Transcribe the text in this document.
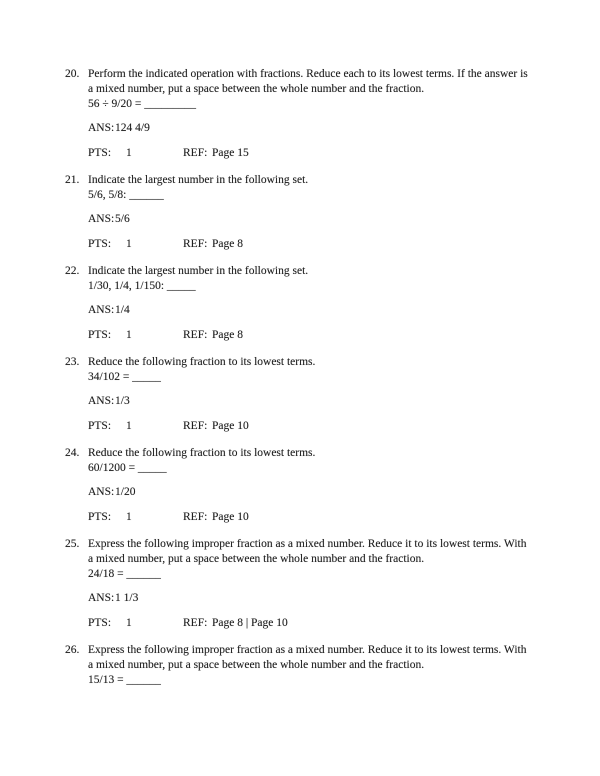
20. Perform the indicated operation with fractions. Reduce each to its lowest terms. If the answer is a mixed number, put a space between the whole number and the fraction.
56 ÷ 9/20 = _________
ANS:124 4/9
PTS: 1	REF: Page 15
21. Indicate the largest number in the following set.
5/6, 5/8: ______
ANS:5/6
PTS: 1	REF: Page 8
22. Indicate the largest number in the following set.
1/30, 1/4, 1/150: _____
ANS:1/4
PTS: 1	REF: Page 8
23. Reduce the following fraction to its lowest terms.
34/102 = _____
ANS:1/3
PTS: 1	REF: Page 10
24. Reduce the following fraction to its lowest terms.
60/1200 = _____
ANS:1/20
PTS: 1	REF: Page 10
25. Express the following improper fraction as a mixed number. Reduce it to its lowest terms. With a mixed number, put a space between the whole number and the fraction.
24/18 = ______
ANS:1 1/3
PTS: 1	REF: Page 8 | Page 10
26. Express the following improper fraction as a mixed number. Reduce it to its lowest terms. With a mixed number, put a space between the whole number and the fraction.
15/13 = ______
